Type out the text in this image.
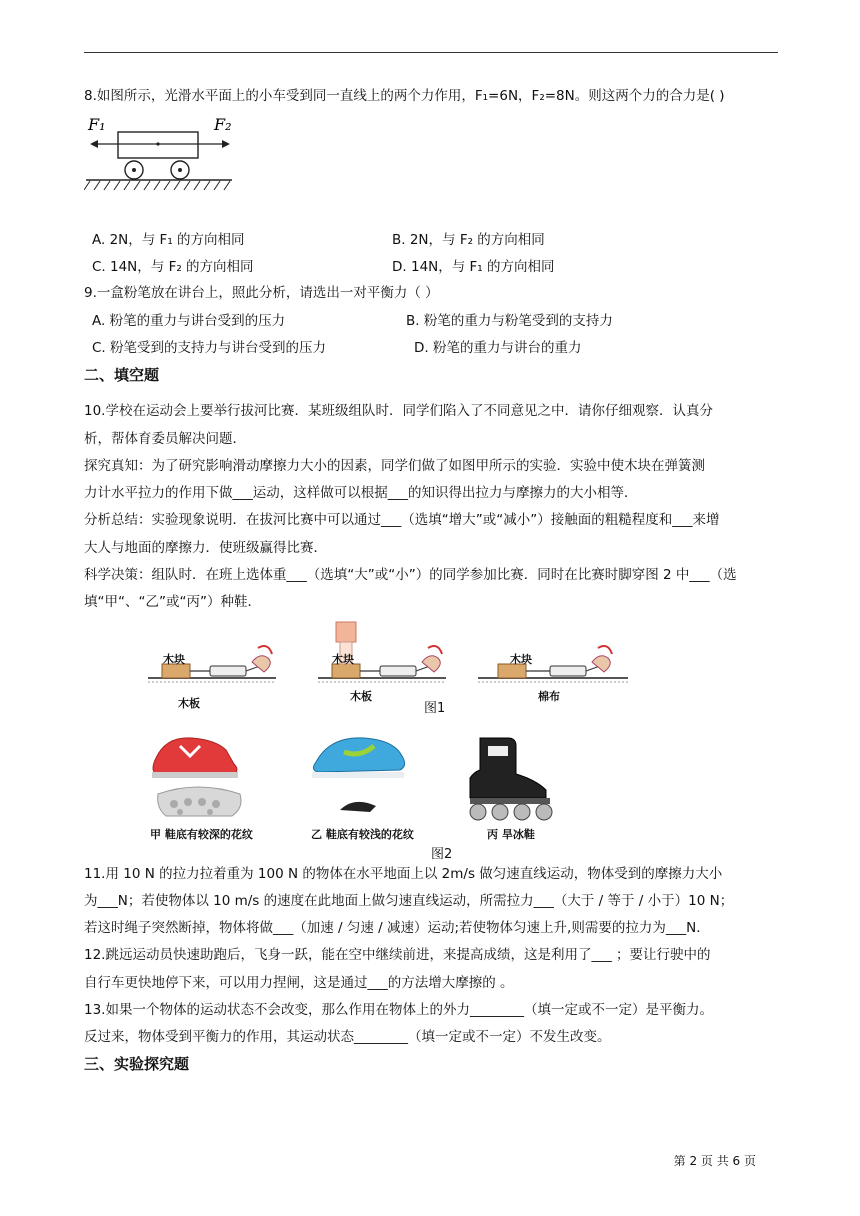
8.如图所示，光滑水平面上的小车受到同一直线上的两个力作用，F₁=6N，F₂=8N。则这两个力的合力是( )
F₁	F₂
A. 2N，与 F₁ 的方向相同	B. 2N，与 F₂ 的方向相同
C. 14N，与 F₂ 的方向相同	D. 14N，与 F₁ 的方向相同
9.一盒粉笔放在讲台上，照此分析，请选出一对平衡力（ ）
A. 粉笔的重力与讲台受到的压力	B. 粉笔的重力与粉笔受到的支持力
C. 粉笔受到的支持力与讲台受到的压力	D. 粉笔的重力与讲台的重力
二、填空题
10.学校在运动会上要举行拔河比赛．某班级组队时．同学们陷入了不同意见之中．请你仔细观察．认真分
析，帮体育委员解决问题．
探究真知：为了研究影响滑动摩擦力大小的因素，同学们做了如图甲所示的实验．实验中使木块在弹簧测
力计水平拉力的作用下做___运动，这样做可以根据___的知识得出拉力与摩擦力的大小相等．
分析总结：实验现象说明．在拔河比赛中可以通过___（选填“增大”或“减小”）接触面的粗糙程度和___来增
大人与地面的摩擦力．使班级赢得比赛．
科学决策：组队时．在班上选体重___（选填“大”或“小”）的同学参加比赛．同时在比赛时脚穿图 2 中___（选
填“甲“、“乙”或“丙”）种鞋．
木块	木块	木块
木板
木板	棉布
图1
甲 鞋底有较深的花纹	乙 鞋底有较浅的花纹	丙 旱冰鞋
图2
11.用 10 N 的拉力拉着重为 100 N 的物体在水平地面上以 2m/s 做匀速直线运动，物体受到的摩擦力大小
为___N；若使物体以 10 m/s 的速度在此地面上做匀速直线运动，所需拉力___（大于 / 等于 / 小于）10 N；
若这时绳子突然断掉，物体将做___（加速 / 匀速 / 减速）运动;若使物体匀速上升,则需要的拉力为___N．
12.跳远运动员快速助跑后，飞身一跃，能在空中继续前进，来提高成绩，这是利用了___ ；要让行驶中的
自行车更快地停下来，可以用力捏闸，这是通过___的方法增大摩擦的 。
13.如果一个物体的运动状态不会改变，那么作用在物体上的外力________（填一定或不一定）是平衡力。
反过来，物体受到平衡力的作用，其运动状态________（填一定或不一定）不发生改变。
三、实验探究题
第 2 页 共 6 页
